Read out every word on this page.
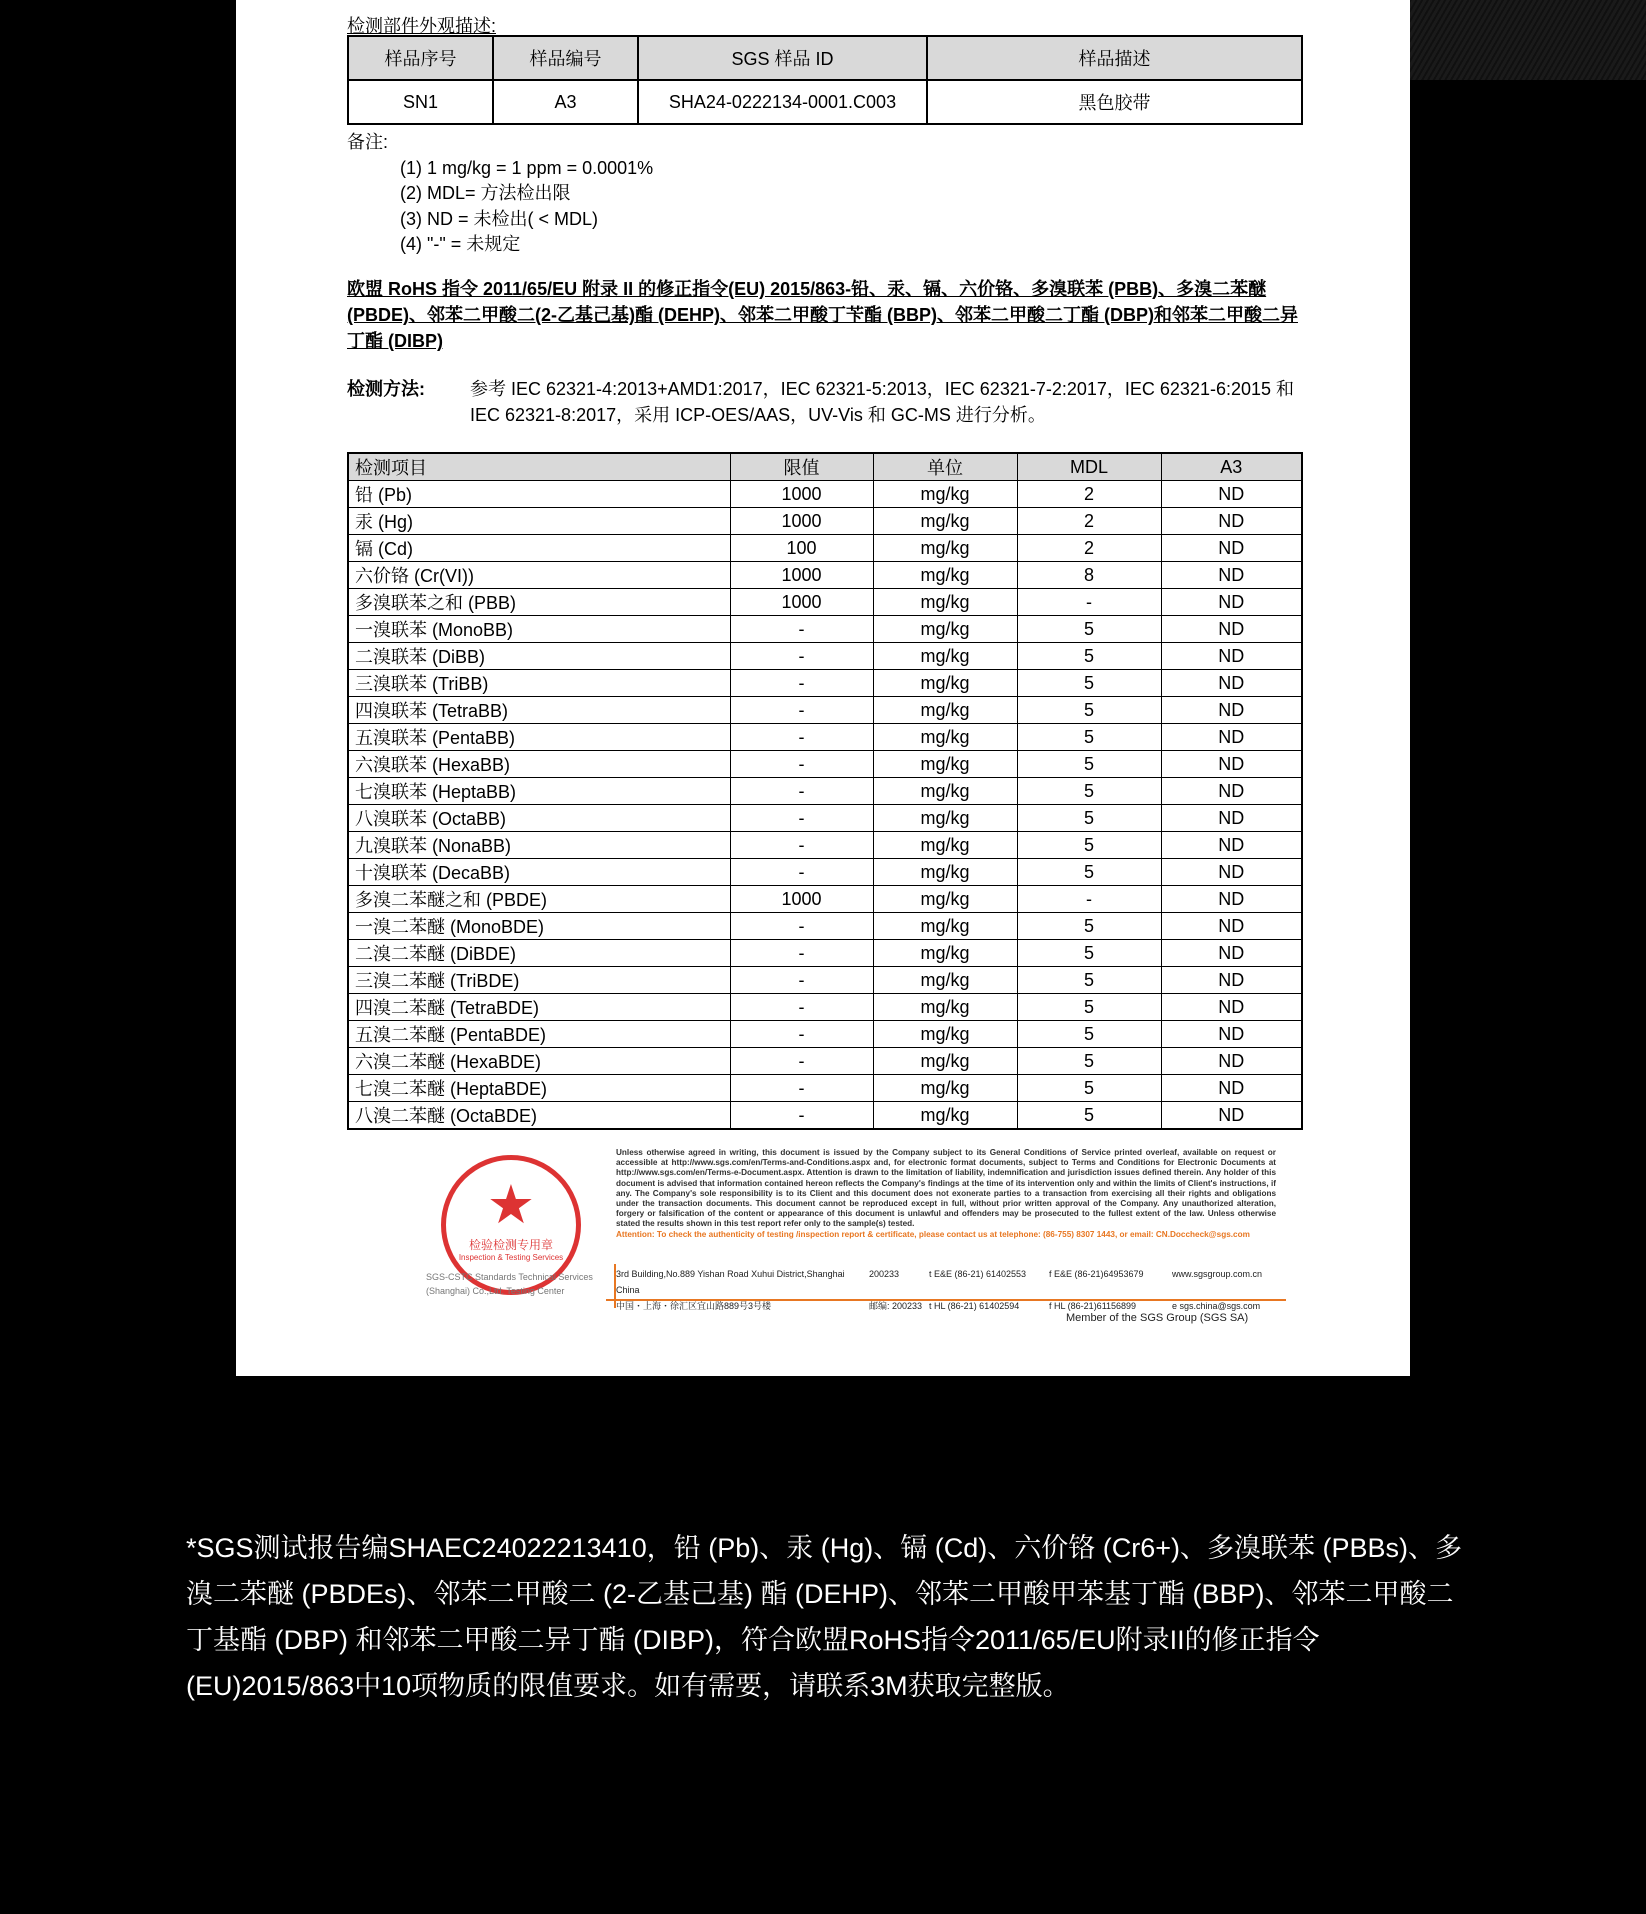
检测部件外观描述:
样品序号	样品编号	SGS 样品 ID	样品描述
SN1	A3	SHA24-0222134-0001.C003	黑色胶带
备注:
(1) 1 mg/kg = 1 ppm = 0.0001%
(2) MDL= 方法检出限
(3) ND = 未检出( < MDL)
(4) "-" = 未规定
欧盟 RoHS 指令 2011/65/EU 附录 II 的修正指令(EU) 2015/863-铅、汞、镉、六价铬、多溴联苯 (PBB)、多溴二苯醚 (PBDE)、邻苯二甲酸二(2-乙基己基)酯 (DEHP)、邻苯二甲酸丁苄酯 (BBP)、邻苯二甲酸二丁酯 (DBP)和邻苯二甲酸二异丁酯 (DIBP)
检测方法:	参考 IEC 62321-4:2013+AMD1:2017，IEC 62321-5:2013，IEC 62321-7-2:2017，IEC 62321-6:2015 和 IEC 62321-8:2017，采用 ICP-OES/AAS，UV-Vis 和 GC-MS 进行分析。
检测项目	限值	单位	MDL	A3
铅 (Pb)	1000	mg/kg	2	ND
汞 (Hg)	1000	mg/kg	2	ND
镉 (Cd)	100	mg/kg	2	ND
六价铬 (Cr(VI))	1000	mg/kg	8	ND
多溴联苯之和 (PBB)	1000	mg/kg	-	ND
一溴联苯 (MonoBB)	-	mg/kg	5	ND
二溴联苯 (DiBB)	-	mg/kg	5	ND
三溴联苯 (TriBB)	-	mg/kg	5	ND
四溴联苯 (TetraBB)	-	mg/kg	5	ND
五溴联苯 (PentaBB)	-	mg/kg	5	ND
六溴联苯 (HexaBB)	-	mg/kg	5	ND
七溴联苯 (HeptaBB)	-	mg/kg	5	ND
八溴联苯 (OctaBB)	-	mg/kg	5	ND
九溴联苯 (NonaBB)	-	mg/kg	5	ND
十溴联苯 (DecaBB)	-	mg/kg	5	ND
多溴二苯醚之和 (PBDE)	1000	mg/kg	-	ND
一溴二苯醚 (MonoBDE)	-	mg/kg	5	ND
二溴二苯醚 (DiBDE)	-	mg/kg	5	ND
三溴二苯醚 (TriBDE)	-	mg/kg	5	ND
四溴二苯醚 (TetraBDE)	-	mg/kg	5	ND
五溴二苯醚 (PentaBDE)	-	mg/kg	5	ND
六溴二苯醚 (HexaBDE)	-	mg/kg	5	ND
七溴二苯醚 (HeptaBDE)	-	mg/kg	5	ND
八溴二苯醚 (OctaBDE)	-	mg/kg	5	ND
★
检验检测专用章
Inspection & Testing Services
SGS-CSTC Standards Technical Services (Shanghai) Co.,Ltd. Testing Center
Unless otherwise agreed in writing, this document is issued by the Company subject to its General Conditions of Service printed overleaf, available on request or accessible at http://www.sgs.com/en/Terms-and-Conditions.aspx and, for electronic format documents, subject to Terms and Conditions for Electronic Documents at http://www.sgs.com/en/Terms-e-Document.aspx. Attention is drawn to the limitation of liability, indemnification and jurisdiction issues defined therein. Any holder of this document is advised that information contained hereon reflects the Company's findings at the time of its intervention only and within the limits of Client's instructions, if any. The Company's sole responsibility is to its Client and this document does not exonerate parties to a transaction from exercising all their rights and obligations under the transaction documents. This document cannot be reproduced except in full, without prior written approval of the Company. Any unauthorized alteration, forgery or falsification of the content or appearance of this document is unlawful and offenders may be prosecuted to the fullest extent of the law. Unless otherwise stated the results shown in this test report refer only to the sample(s) tested.
Attention: To check the authenticity of testing /inspection report & certificate, please contact us at telephone: (86-755) 8307 1443, or email: CN.Doccheck@sgs.com
3rd Building,No.889 Yishan Road Xuhui District,Shanghai China
200233	t E&E (86-21) 61402553	f E&E (86-21)64953679	www.sgsgroup.com.cn
中国・上海・徐汇区宜山路889号3号楼	邮编: 200233 t HL (86-21) 61402594	f HL (86-21)61156899	e sgs.china@sgs.com
Member of the SGS Group (SGS SA)
*SGS测试报告编SHAEC24022213410，铅 (Pb)、汞 (Hg)、镉 (Cd)、六价铬 (Cr6+)、多溴联苯 (PBBs)、多溴二苯醚 (PBDEs)、邻苯二甲酸二 (2-乙基己基) 酯 (DEHP)、邻苯二甲酸甲苯基丁酯 (BBP)、邻苯二甲酸二丁基酯 (DBP) 和邻苯二甲酸二异丁酯 (DIBP)，符合欧盟RoHS指令2011/65/EU附录II的修正指令 (EU)2015/863中10项物质的限值要求。如有需要，请联系3M获取完整版。
